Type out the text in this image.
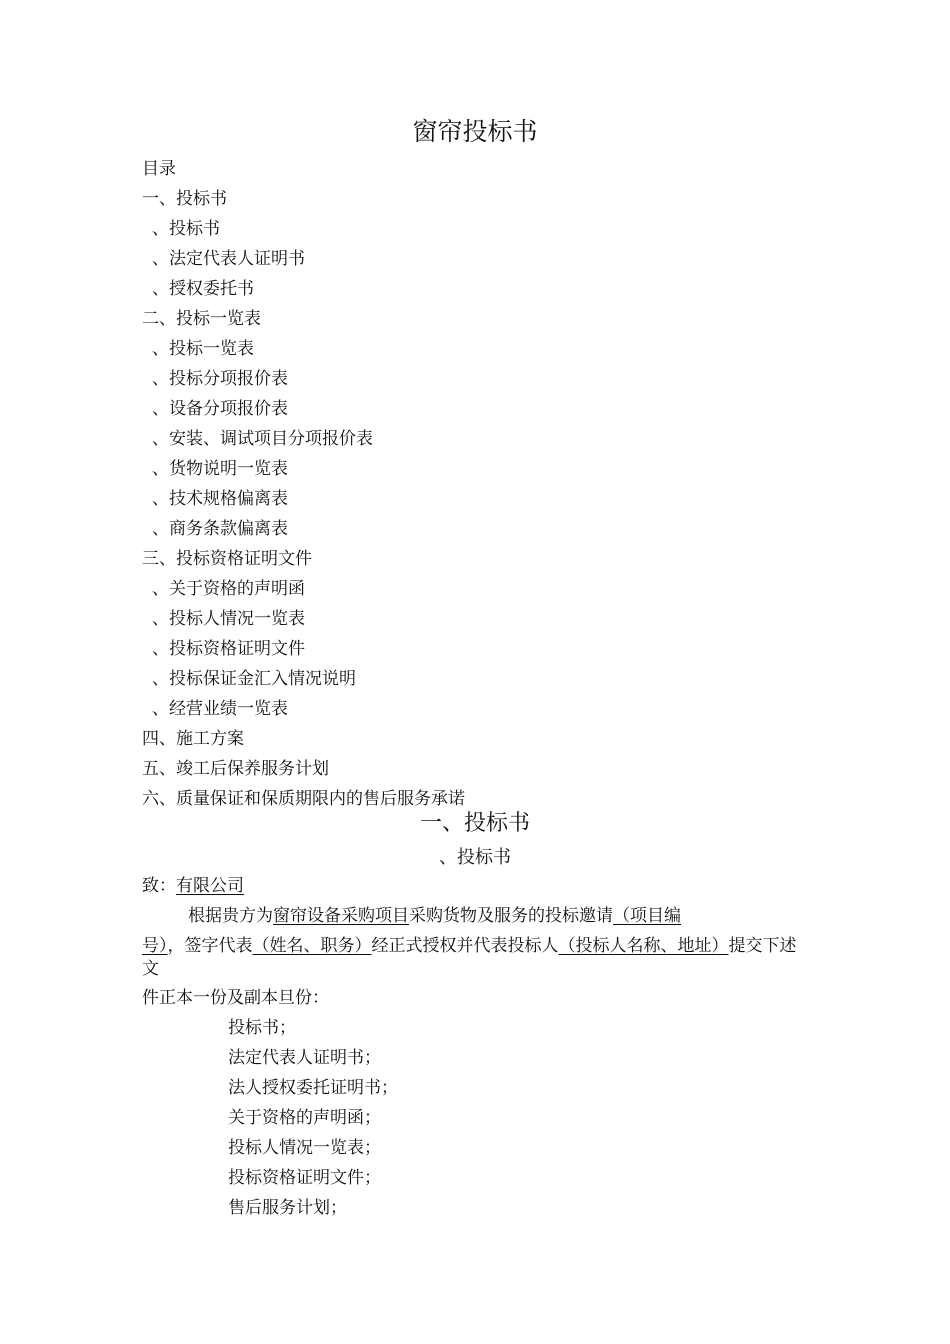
窗帘投标书
目录
一、投标书
、投标书
、法定代表人证明书
、授权委托书
二、投标一览表
、投标一览表
、投标分项报价表
、设备分项报价表
、安装、调试项目分项报价表
、货物说明一览表
、技术规格偏离表
、商务条款偏离表
三、投标资格证明文件
、关于资格的声明函
、投标人情况一览表
、投标资格证明文件
、投标保证金汇入情况说明
、经营业绩一览表
四、施工方案
五、竣工后保养服务计划
六、质量保证和保质期限内的售后服务承诺
一、投标书
、投标书
致：有限公司
根据贵方为窗帘设备采购项目采购货物及服务的投标邀请（项目编
号），签字代表（姓名、职务）经正式授权并代表投标人（投标人名称、地址）提交下述
文
件正本一份及副本旦份：
投标书；
法定代表人证明书；
法人授权委托证明书；
关于资格的声明函；
投标人情况一览表；
投标资格证明文件；
售后服务计划；
